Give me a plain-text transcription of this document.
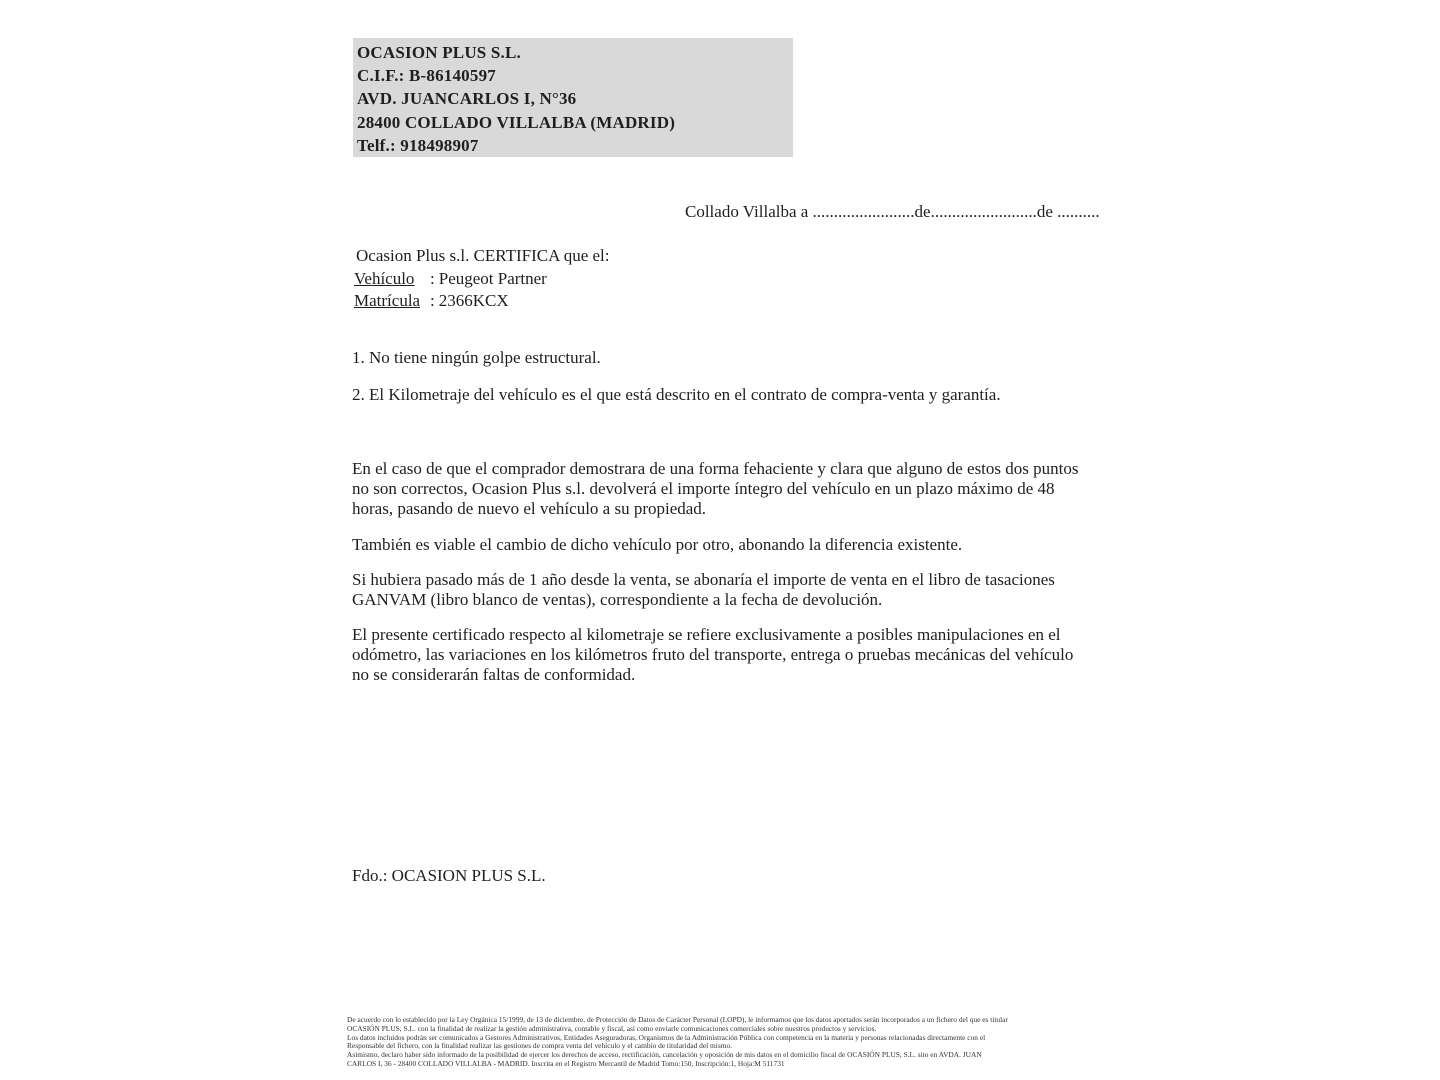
OCASION PLUS S.L.
C.I.F.: B-86140597
AVD. JUANCARLOS I, N°36
28400 COLLADO VILLALBA (MADRID)
Telf.: 918498907
Collado Villalba a ........................de.........................de ..........
Ocasion Plus s.l. CERTIFICA que el:
Vehículo : Peugeot Partner
Matrícula : 2366KCX
1. No tiene ningún golpe estructural.
2. El Kilometraje del vehículo es el que está descrito en el contrato de compra-venta y garantía.
En el caso de que el comprador demostrara de una forma fehaciente y clara que alguno de estos dos puntos no son correctos, Ocasion Plus s.l. devolverá el importe íntegro del vehículo en un plazo máximo de 48 horas, pasando de nuevo el vehículo a su propiedad.
También es viable el cambio de dicho vehículo por otro, abonando la diferencia existente.
Si hubiera pasado más de 1 año desde la venta, se abonaría el importe de venta en el libro de tasaciones GANVAM (libro blanco de ventas), correspondiente a la fecha de devolución.
El presente certificado respecto al kilometraje se refiere exclusivamente a posibles manipulaciones en el odómetro, las variaciones en los kilómetros fruto del transporte, entrega o pruebas mecánicas del vehículo no se considerarán faltas de conformidad.
Fdo.: OCASION PLUS S.L.
De acuerdo con lo establecido por la Ley Orgánica 15/1999, de 13 de diciembre, de Protección de Datos de Carácter Personal (LOPD), le informamos que los datos aportados serán incorporados a un fichero del que es titular
OCASIÓN PLUS, S.L. con la finalidad de realizar la gestión administrativa, contable y fiscal, así como enviarle comunicaciones comerciales sobre nuestros productos y servicios.
Los datos incluidos podrán ser comunicados a Gestores Administrativos, Entidades Aseguradoras, Organismos de la Administración Pública con competencia en la materia y personas relacionadas directamente con el
Responsable del fichero, con la finalidad realizar las gestiones de compra venta del vehículo y el cambio de titularidad del mismo.
Asimismo, declaro haber sido informado de la posibilidad de ejercer los derechos de acceso, rectificación, cancelación y oposición de mis datos en el domicilio fiscal de OCASIÓN PLUS, S.L. sito en AVDA. JUAN
CARLOS I, 36 - 28400 COLLADO VILLALBA - MADRID. Inscrita en el Registro Mercantil de Madrid Tomo:150, Inscripción:1, Hoja:M 511731
